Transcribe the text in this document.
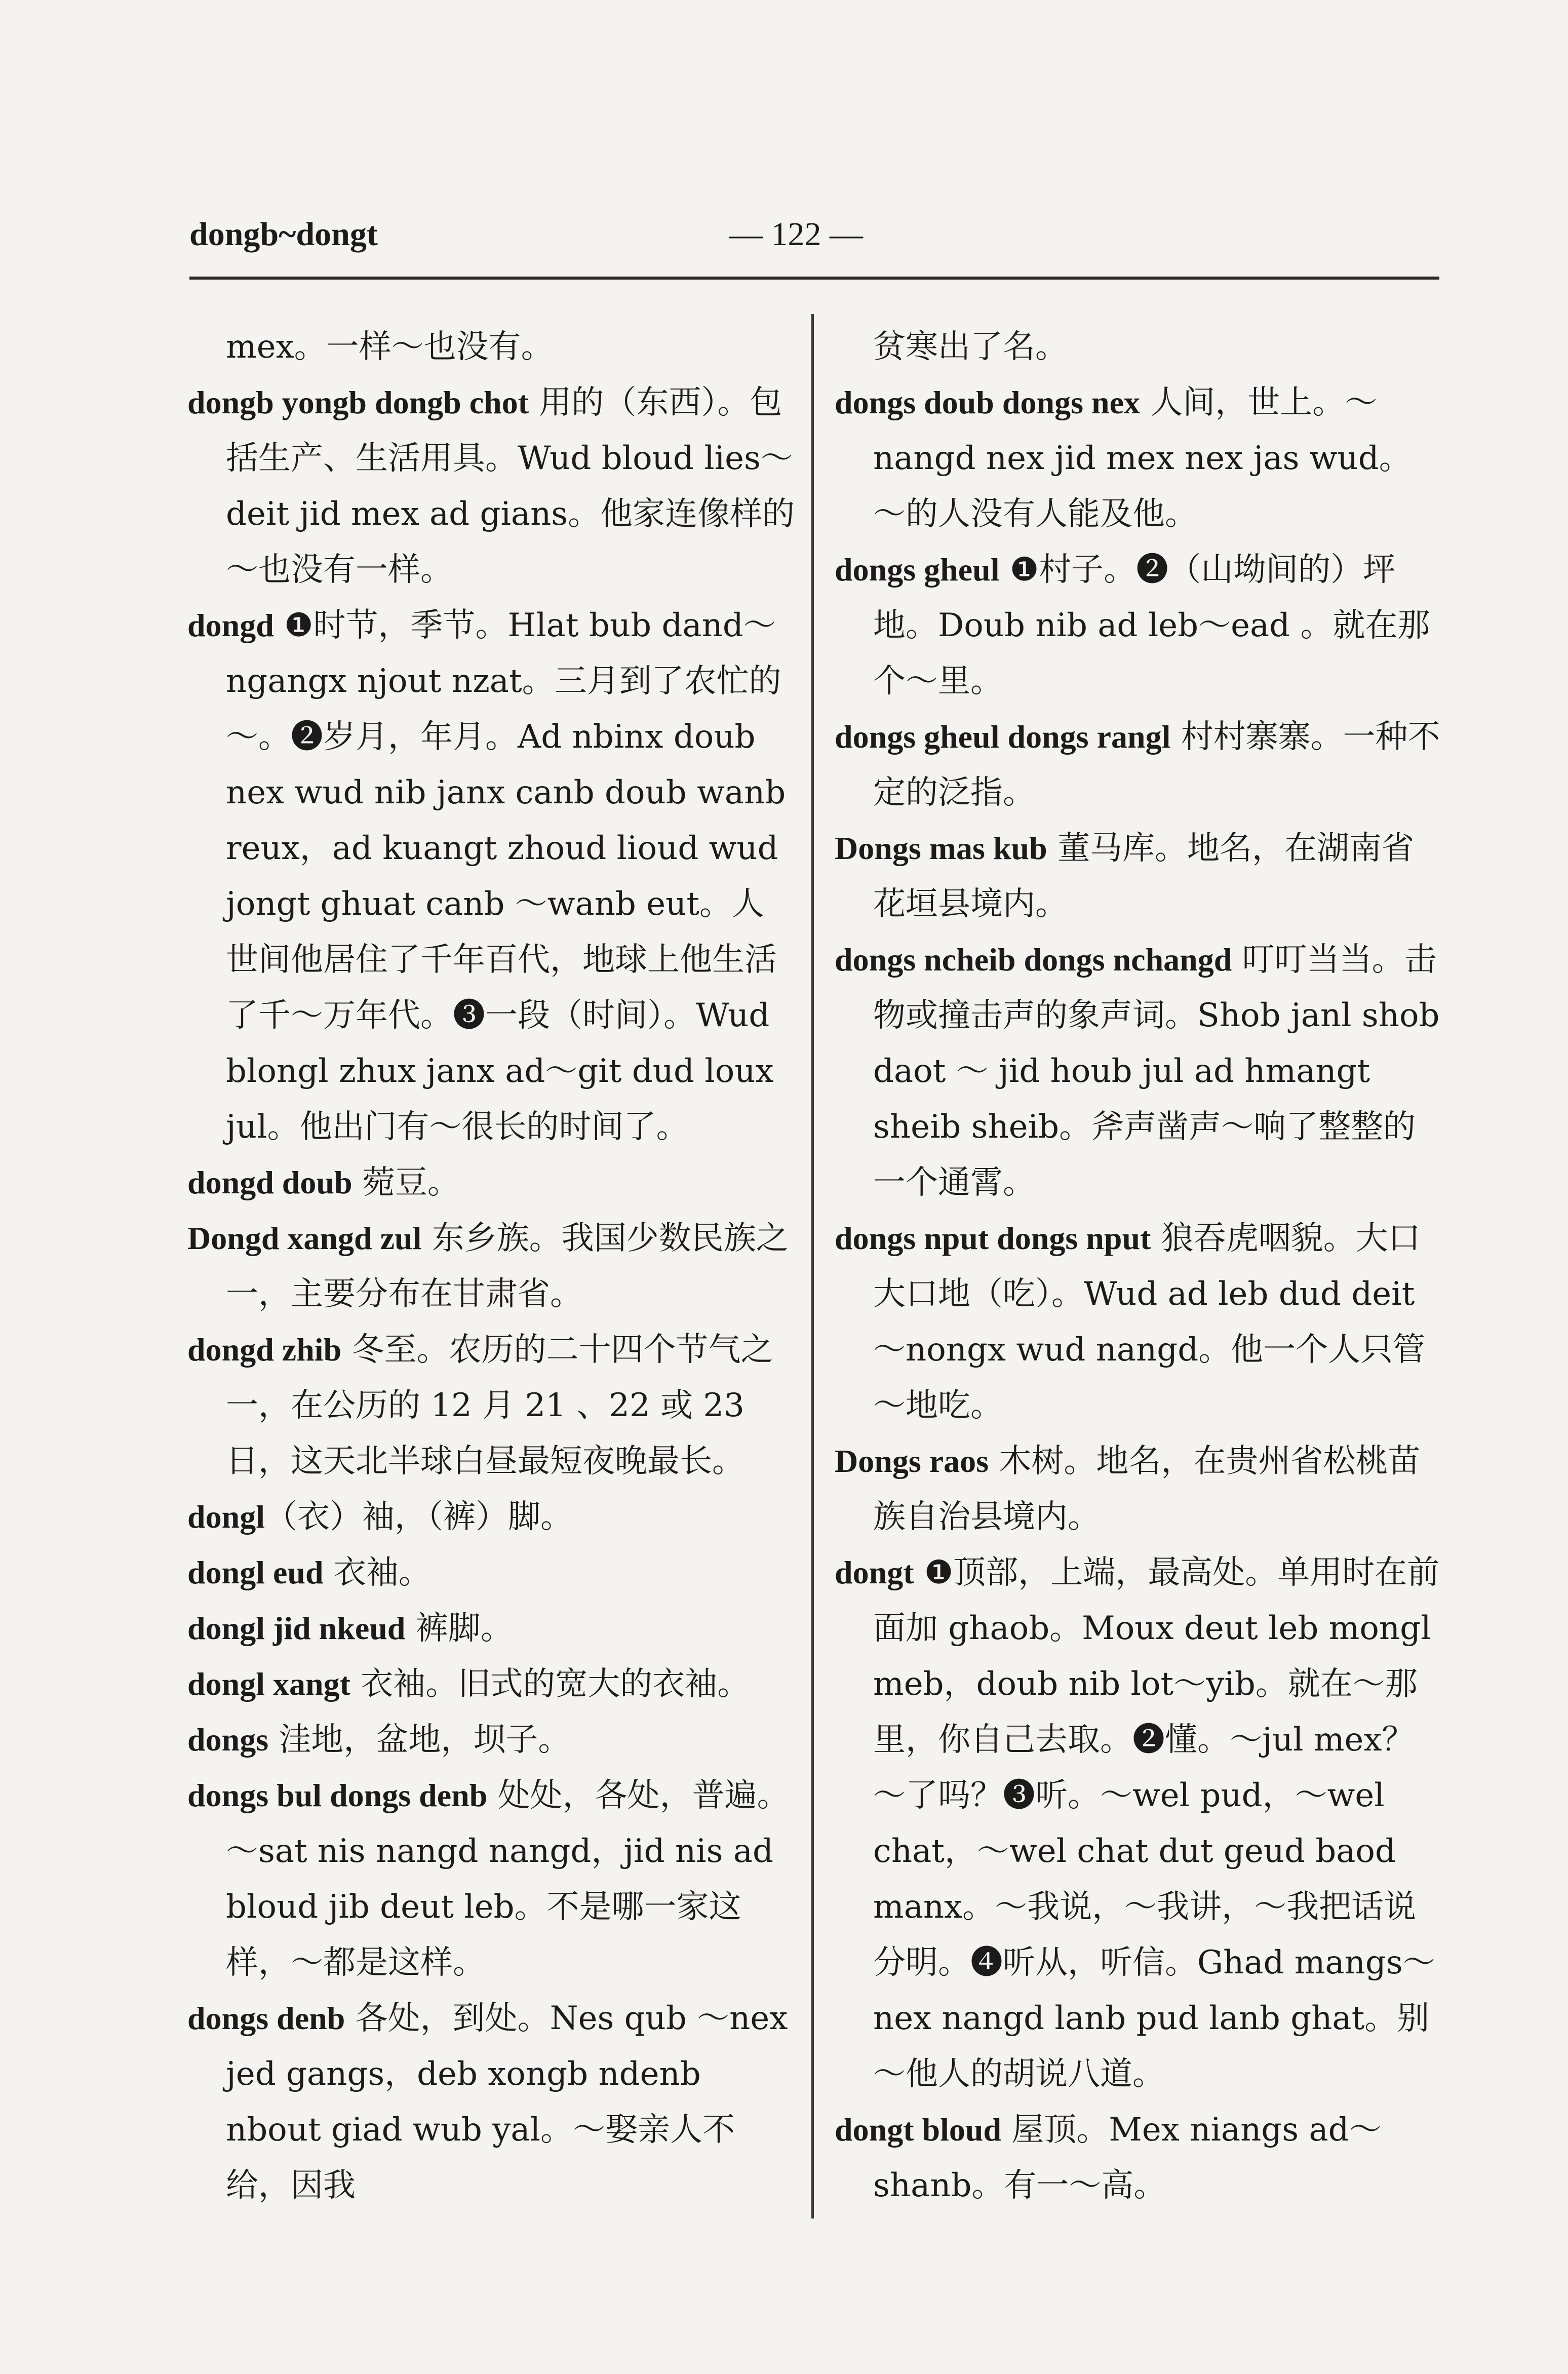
dongb~dongt	— 122 —

mex。一样～也没有。

dongb yongb dongb chot 用的（东西）。包括生产、生活用具。Wud bloud lies～deit jid mex ad gians。他家连像样的～也没有一样。

dongd ❶时节，季节。Hlat bub dand～ngangx njout nzat。三月到了农忙的～。❷岁月，年月。Ad nbinx doub nex wud nib janx canb doub wanb reux，ad kuangt zhoud lioud wud jongt ghuat canb ～wanb eut。人世间他居住了千年百代，地球上他生活了千～万年代。❸一段（时间）。Wud blongl zhux janx ad～git dud loux jul。他出门有～很长的时间了。

dongd doub 菀豆。

Dongd xangd zul 东乡族。我国少数民族之一，主要分布在甘肃省。

dongd zhib 冬至。农历的二十四个节气之一，在公历的 12 月 21 、22 或 23 日，这天北半球白昼最短夜晚最长。

dongl（衣）袖，（裤）脚。

dongl eud 衣袖。

dongl jid nkeud 裤脚。

dongl xangt 衣袖。旧式的宽大的衣袖。

dongs 洼地，盆地，坝子。

dongs bul dongs denb 处处，各处，普遍。～sat nis nangd nangd，jid nis ad bloud jib deut leb。不是哪一家这样，～都是这样。

dongs denb 各处，到处。Nes qub ～nex jed gangs，deb xongb ndenb nbout giad wub yal。～娶亲人不给，因我

贫寒出了名。

dongs doub dongs nex 人间，世上。～nangd nex jid mex nex jas wud。～的人没有人能及他。

dongs gheul ❶村子。❷（山坳间的）坪地。Doub nib ad leb～ead 。就在那个～里。

dongs gheul dongs rangl 村村寨寨。一种不定的泛指。

Dongs mas kub 董马库。地名，在湖南省花垣县境内。

dongs ncheib dongs nchangd 叮叮当当。击物或撞击声的象声词。Shob janl shob daot ～ jid houb jul ad hmangt sheib sheib。斧声凿声～响了整整的一个通霄。

dongs nput dongs nput 狼吞虎咽貌。大口大口地（吃）。Wud ad leb dud deit～nongx wud nangd。他一个人只管～地吃。

Dongs raos 木树。地名，在贵州省松桃苗族自治县境内。

dongt ❶顶部，上端，最高处。单用时在前面加 ghaob。Moux deut leb mongl meb，doub nib lot～yib。就在～那里，你自己去取。❷懂。～jul mex？～了吗？❸听。～wel pud，～wel chat，～wel chat dut geud baod manx。～我说，～我讲，～我把话说分明。❹听从，听信。Ghad mangs～nex nangd lanb pud lanb ghat。别～他人的胡说八道。

dongt bloud 屋顶。Mex niangs ad～shanb。有一～高。
